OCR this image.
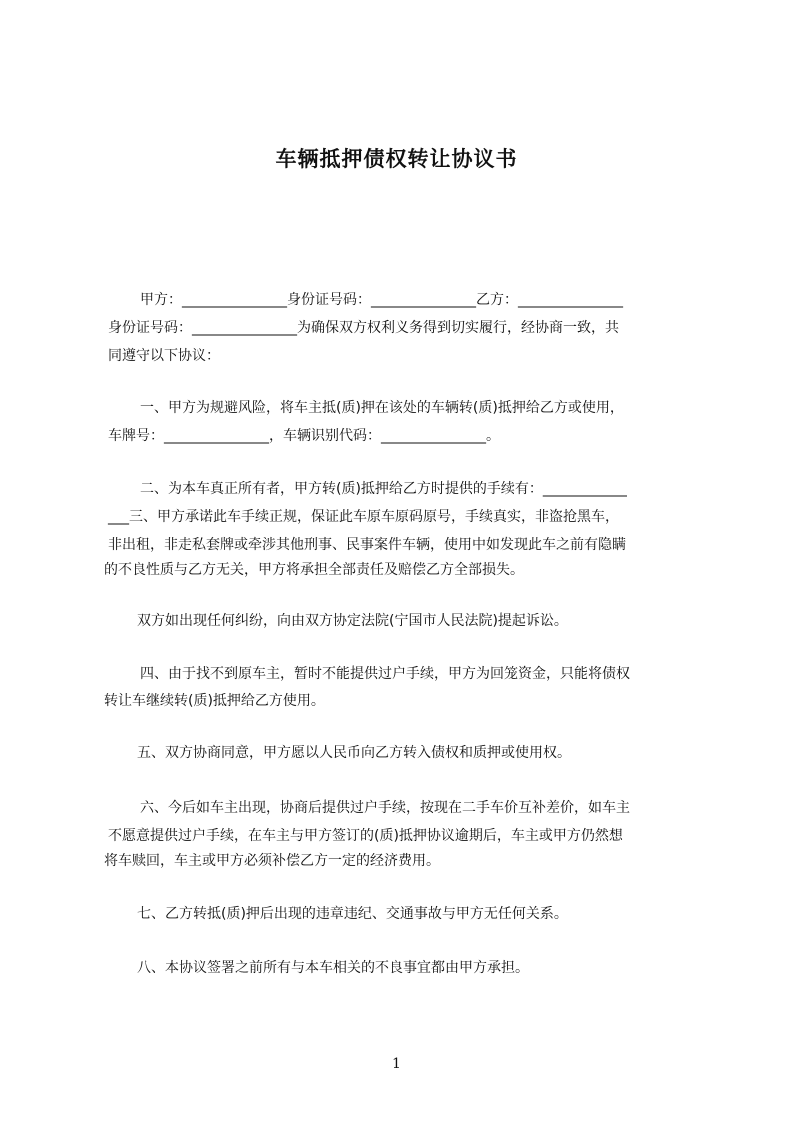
车辆抵押债权转让协议书

甲方：_______________身份证号码：_______________乙方：_______________

身份证号码：_______________为确保双方权利义务得到切实履行，经协商一致，共

同遵守以下协议：

一、甲方为规避风险，将车主抵(质)押在该处的车辆转(质)抵押给乙方或使用，

车牌号：_______________，车辆识别代码：_______________。

二、为本车真正所有者，甲方转(质)抵押给乙方时提供的手续有：____________

___三、甲方承诺此车手续正规，保证此车原车原码原号，手续真实，非盗抢黑车，

非出租，非走私套牌或牵涉其他刑事、民事案件车辆，使用中如发现此车之前有隐瞒

的不良性质与乙方无关，甲方将承担全部责任及赔偿乙方全部损失。

双方如出现任何纠纷，向由双方协定法院(宁国市人民法院)提起诉讼。

四、由于找不到原车主，暂时不能提供过户手续，甲方为回笼资金，只能将债权

转让车继续转(质)抵押给乙方使用。

五、双方协商同意，甲方愿以人民币向乙方转入债权和质押或使用权。

六、今后如车主出现，协商后提供过户手续，按现在二手车价互补差价，如车主

不愿意提供过户手续，在车主与甲方签订的(质)抵押协议逾期后，车主或甲方仍然想

将车赎回，车主或甲方必须补偿乙方一定的经济费用。

七、乙方转抵(质)押后出现的违章违纪、交通事故与甲方无任何关系。

八、本协议签署之前所有与本车相关的不良事宜都由甲方承担。

1
